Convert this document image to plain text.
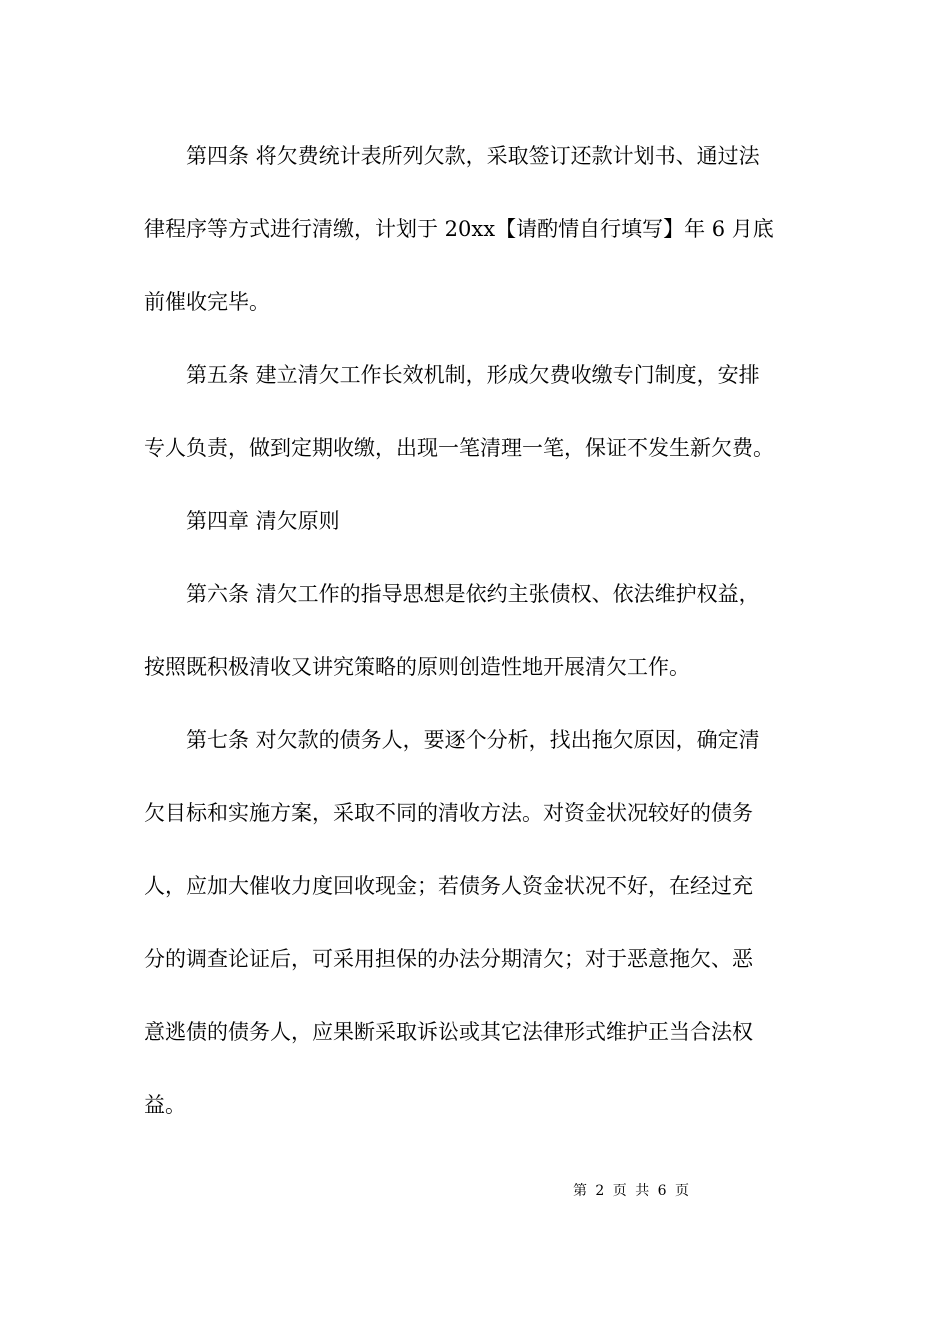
第四条 将欠费统计表所列欠款，采取签订还款计划书、通过法
律程序等方式进行清缴，计划于 20xx【请酌情自行填写】年 6 月底
前催收完毕。
第五条 建立清欠工作长效机制，形成欠费收缴专门制度，安排
专人负责，做到定期收缴，出现一笔清理一笔，保证不发生新欠费。
第四章 清欠原则
第六条 清欠工作的指导思想是依约主张债权、依法维护权益，
按照既积极清收又讲究策略的原则创造性地开展清欠工作。
第七条 对欠款的债务人，要逐个分析，找出拖欠原因，确定清
欠目标和实施方案，采取不同的清收方法。对资金状况较好的债务
人，应加大催收力度回收现金；若债务人资金状况不好，在经过充
分的调查论证后，可采用担保的办法分期清欠；对于恶意拖欠、恶
意逃债的债务人，应果断采取诉讼或其它法律形式维护正当合法权
益。
第 2 页 共 6 页
